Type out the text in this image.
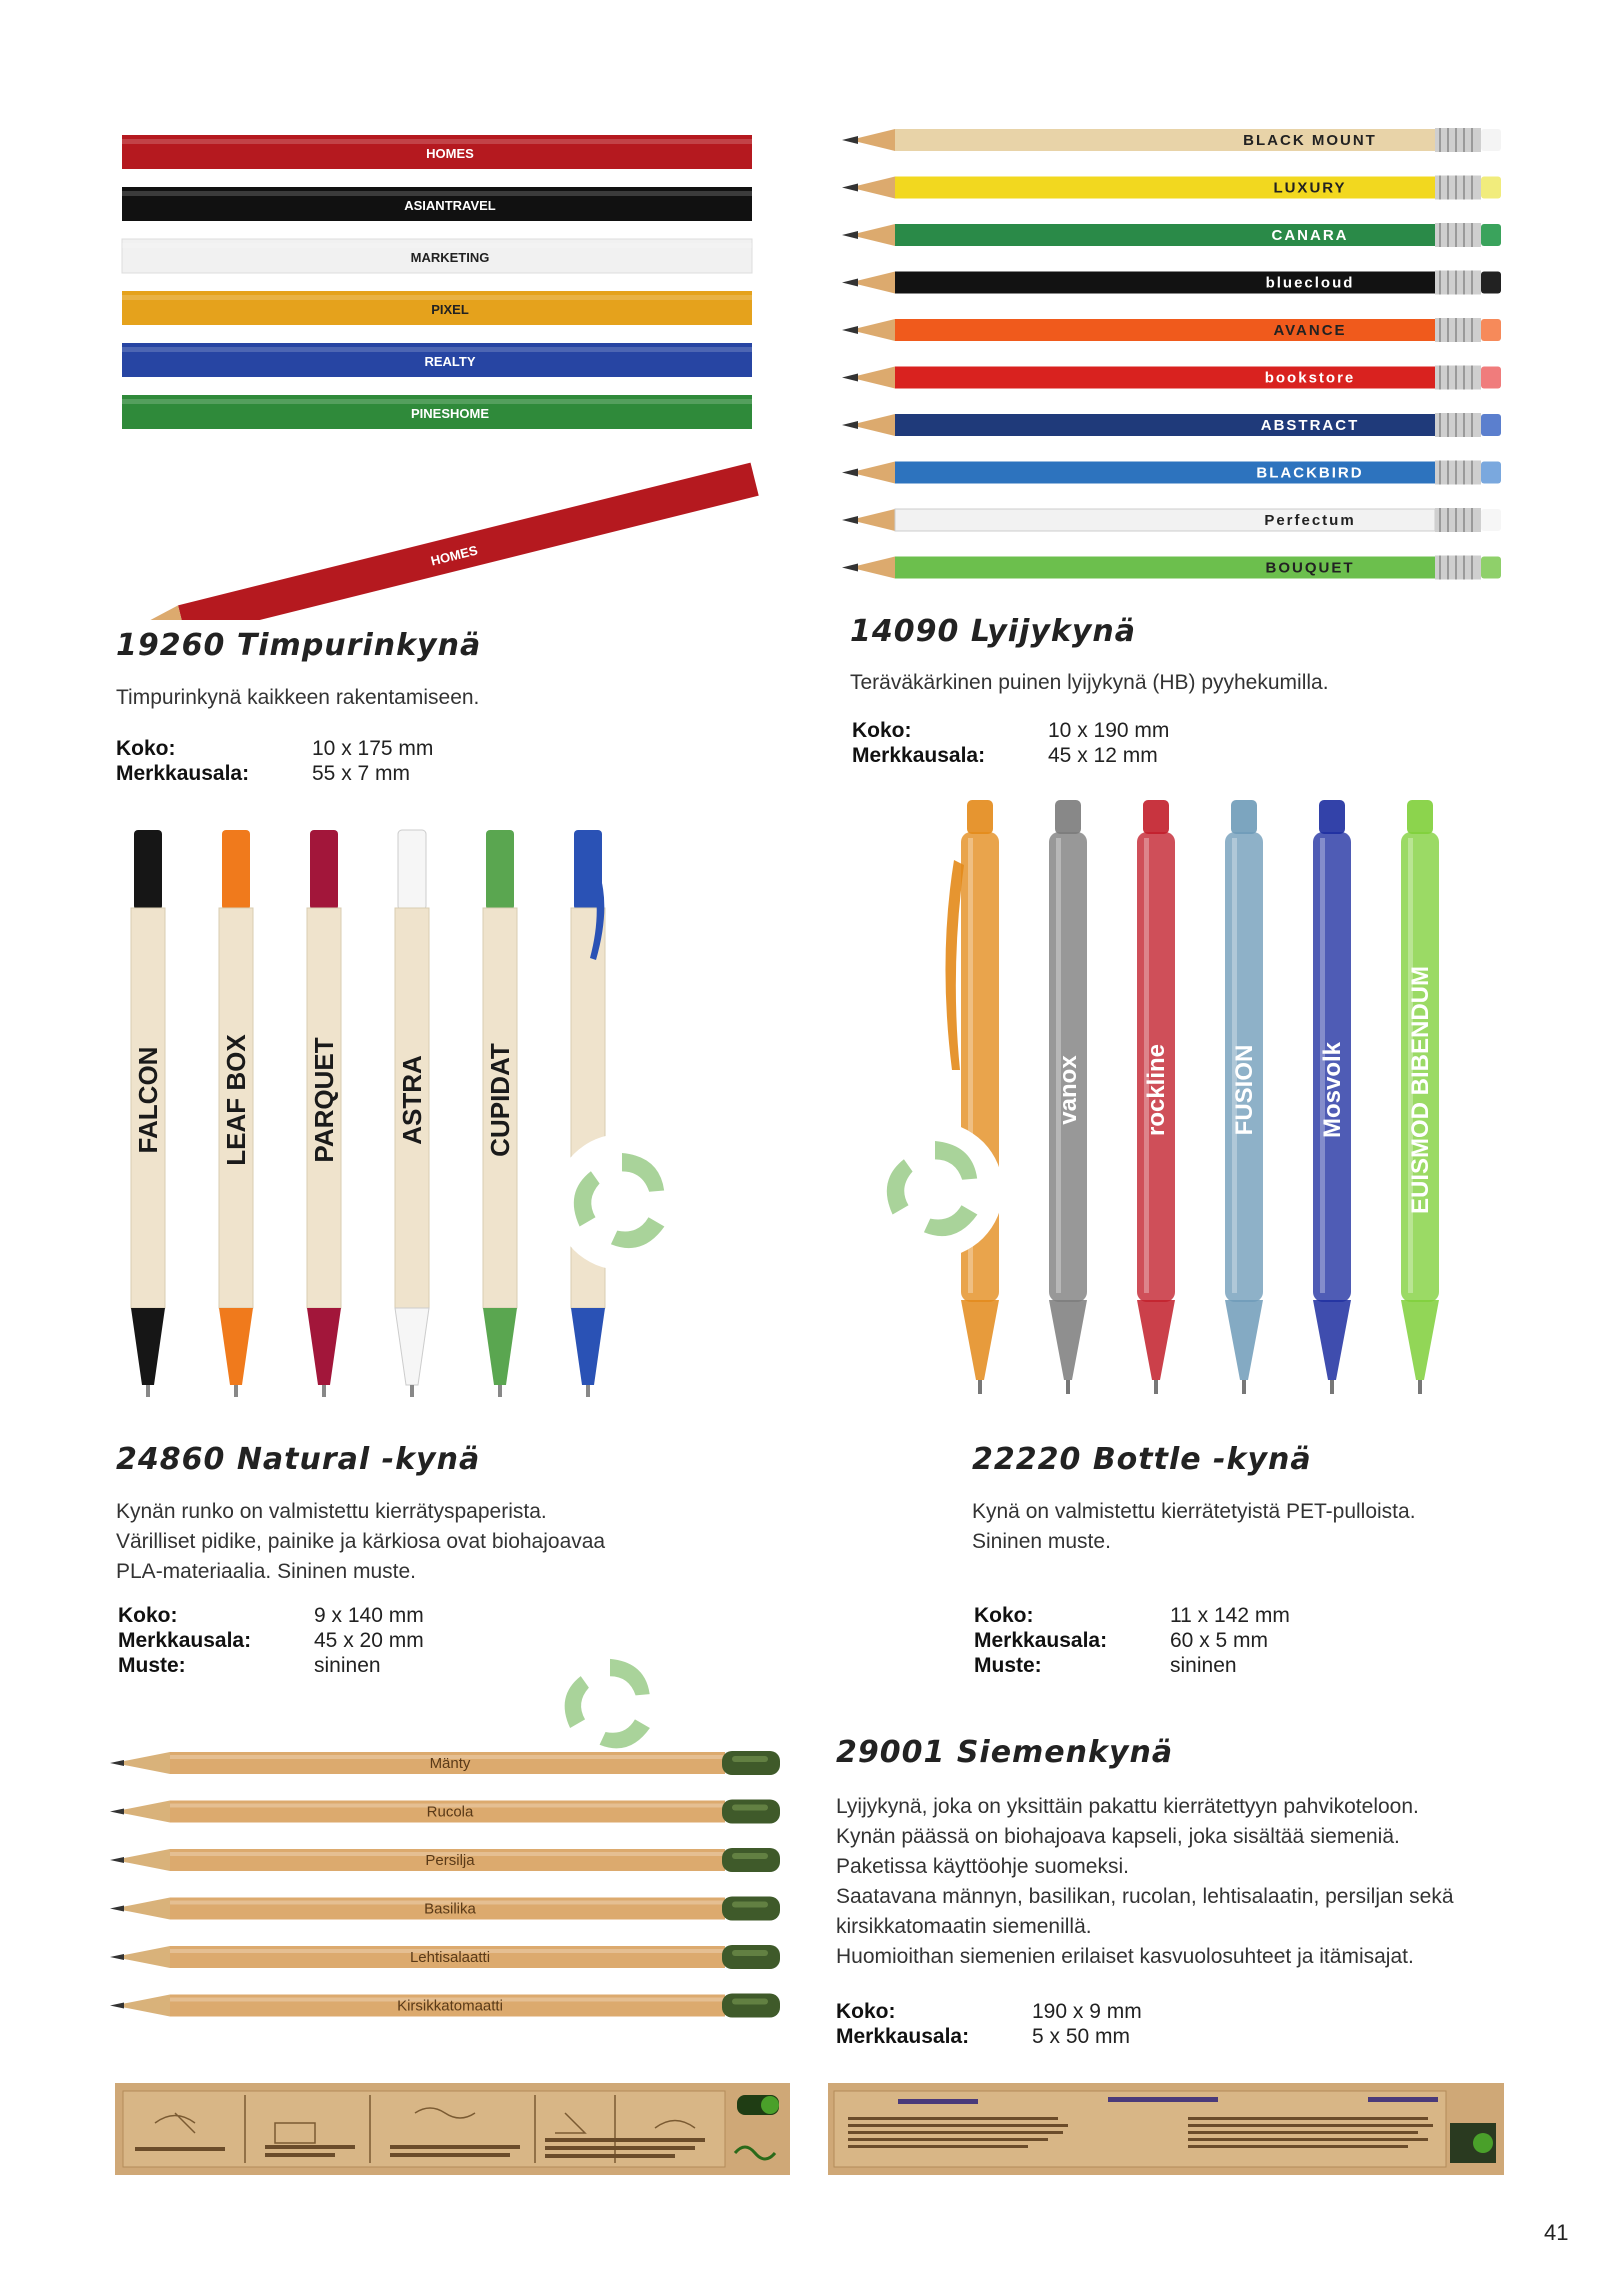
HOMES
ASIANTRAVEL
MARKETING
PIXEL
REALTY
PINESHOME
HOMES
19260 Timpurinkynä
Timpurinkynä kaikkeen rakentamiseen.
Koko:	10 x 175 mm
Merkkausala:	55 x 7 mm
BLACK MOUNT
LUXURY
CANARA
bluecloud
AVANCE
bookstore
ABSTRACT
BLACKBIRD
Perfectum
BOUQUET
14090 Lyijykynä
Teräväkärkinen puinen lyijykynä (HB) pyyhekumilla.
Koko:	10 x 190 mm
Merkkausala:	45 x 12 mm
FALCON LEAF BOX PARQUET ASTRA CUPIDAT
24860 Natural -kynä
Kynän runko on valmistettu kierrätyspaperista.
Värilliset pidike, painike ja kärkiosa ovat biohajoavaa
PLA-materiaalia. Sininen muste.
Koko:	9 x 140 mm
Merkkausala:	45 x 20 mm
Muste:	sininen
vanox	rockline	FUSION	Mosvolk	EUISMOD BIBENDUM
22220 Bottle -kynä
Kynä on valmistettu kierrätetyistä PET-pulloista.
Sininen muste.
Koko:	11 x 142 mm
Merkkausala:	60 x 5 mm
Muste:	sininen
Mänty
Rucola
Persilja
Basilika
Lehtisalaatti
Kirsikkatomaatti
29001 Siemenkynä
Lyijykynä, joka on yksittäin pakattu kierrätettyyn pahvikoteloon.
Kynän päässä on biohajoava kapseli, joka sisältää siemeniä.
Paketissa käyttöohje suomeksi.
Saatavana männyn, basilikan, rucolan, lehtisalaatin, persiljan sekä
kirsikkatomaatin siemenillä.
Huomioithan siemenien erilaiset kasvuolosuhteet ja itämisajat.
Koko:	190 x 9 mm
Merkkausala:	5 x 50 mm
41
